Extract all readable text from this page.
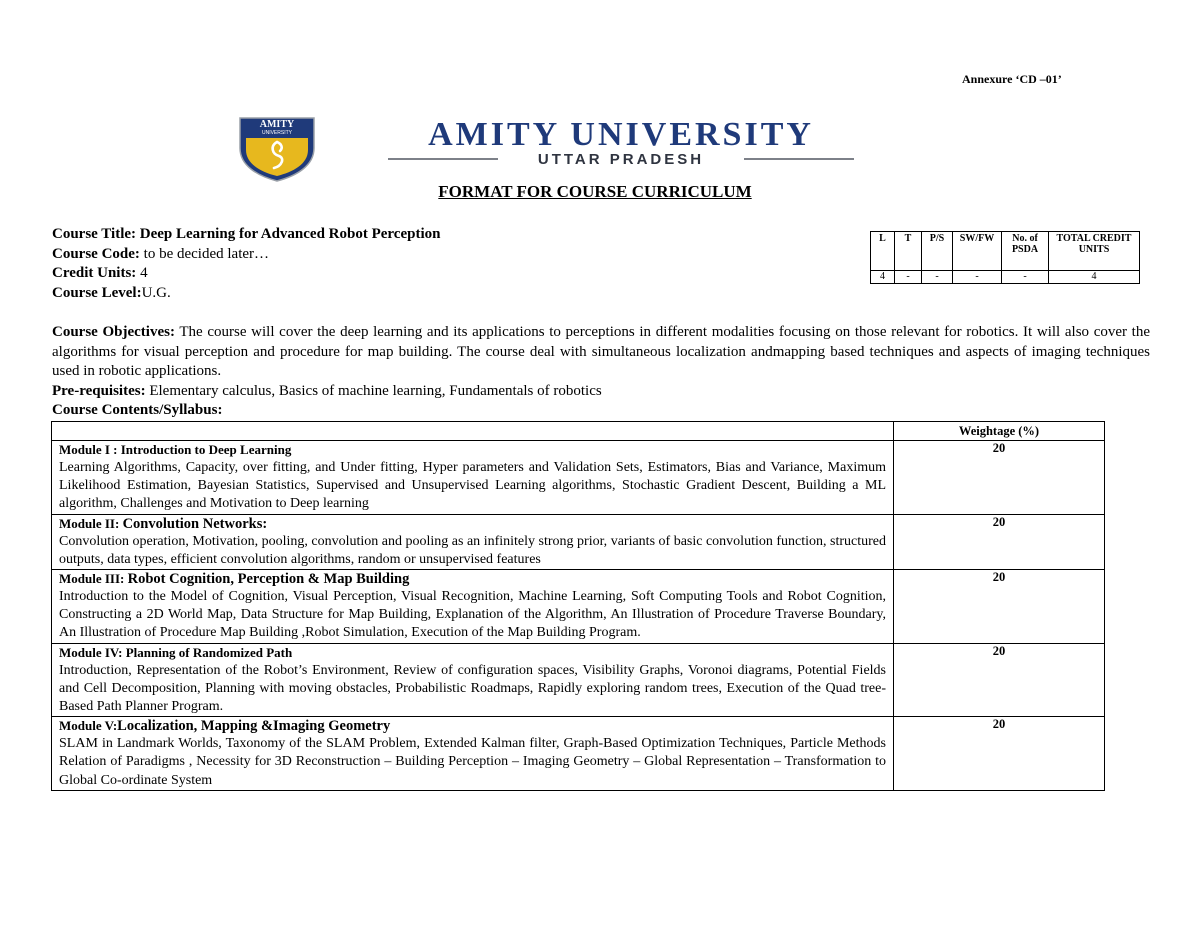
Annexure ‘CD –01’
AMITY
UNIVERSITY	AMITY UNIVERSITY
UTTAR PRADESH
FORMAT FOR COURSE CURRICULUM
Course Title: Deep Learning for Advanced Robot Perception
Course Code: to be decided later…
Credit Units: 4
Course Level:U.G.
L	T	P/S	SW/FW	No. of PSDA	TOTAL CREDIT UNITS
4	-	-	-	-	4
Course Objectives: The course will cover the deep learning and its applications to perceptions in different modalities focusing on those relevant for robotics. It will also cover the algorithms for visual perception and procedure for map building. The course deal with simultaneous localization andmapping based techniques and aspects of imaging techniques used in robotic applications.
Pre-requisites: Elementary calculus, Basics of machine learning, Fundamentals of robotics
Course Contents/Syllabus:
	Weightage (%)

Module I : Introduction to Deep Learning
Learning Algorithms, Capacity, over fitting, and Under fitting, Hyper parameters and Validation Sets, Estimators, Bias and Variance, Maximum Likelihood Estimation, Bayesian Statistics, Supervised and Unsupervised Learning algorithms, Stochastic Gradient Descent, Building a ML algorithm, Challenges and Motivation to Deep learning	20

Module II: Convolution Networks:
Convolution operation, Motivation, pooling, convolution and pooling as an infinitely strong prior, variants of basic convolution function, structured outputs, data types, efficient convolution algorithms, random or unsupervised features	20

Module III: Robot Cognition, Perception & Map Building
Introduction to the Model of Cognition, Visual Perception, Visual Recognition, Machine Learning, Soft Computing Tools and Robot Cognition, Constructing a 2D World Map, Data Structure for Map Building, Explanation of the Algorithm, An Illustration of Procedure Traverse Boundary, An Illustration of Procedure Map Building ,Robot Simulation, Execution of the Map Building Program.	20

Module IV: Planning of Randomized Path
Introduction, Representation of the Robot’s Environment, Review of configuration spaces, Visibility Graphs, Voronoi diagrams, Potential Fields and Cell Decomposition, Planning with moving obstacles, Probabilistic Roadmaps, Rapidly exploring random trees, Execution of the Quad tree-Based Path Planner Program.	20

Module V:Localization, Mapping &Imaging Geometry
SLAM in Landmark Worlds, Taxonomy of the SLAM Problem, Extended Kalman filter, Graph-Based Optimization Techniques, Particle Methods Relation of Paradigms , Necessity for 3D Reconstruction – Building Perception – Imaging Geometry – Global Representation – Transformation to Global Co-ordinate System	20
